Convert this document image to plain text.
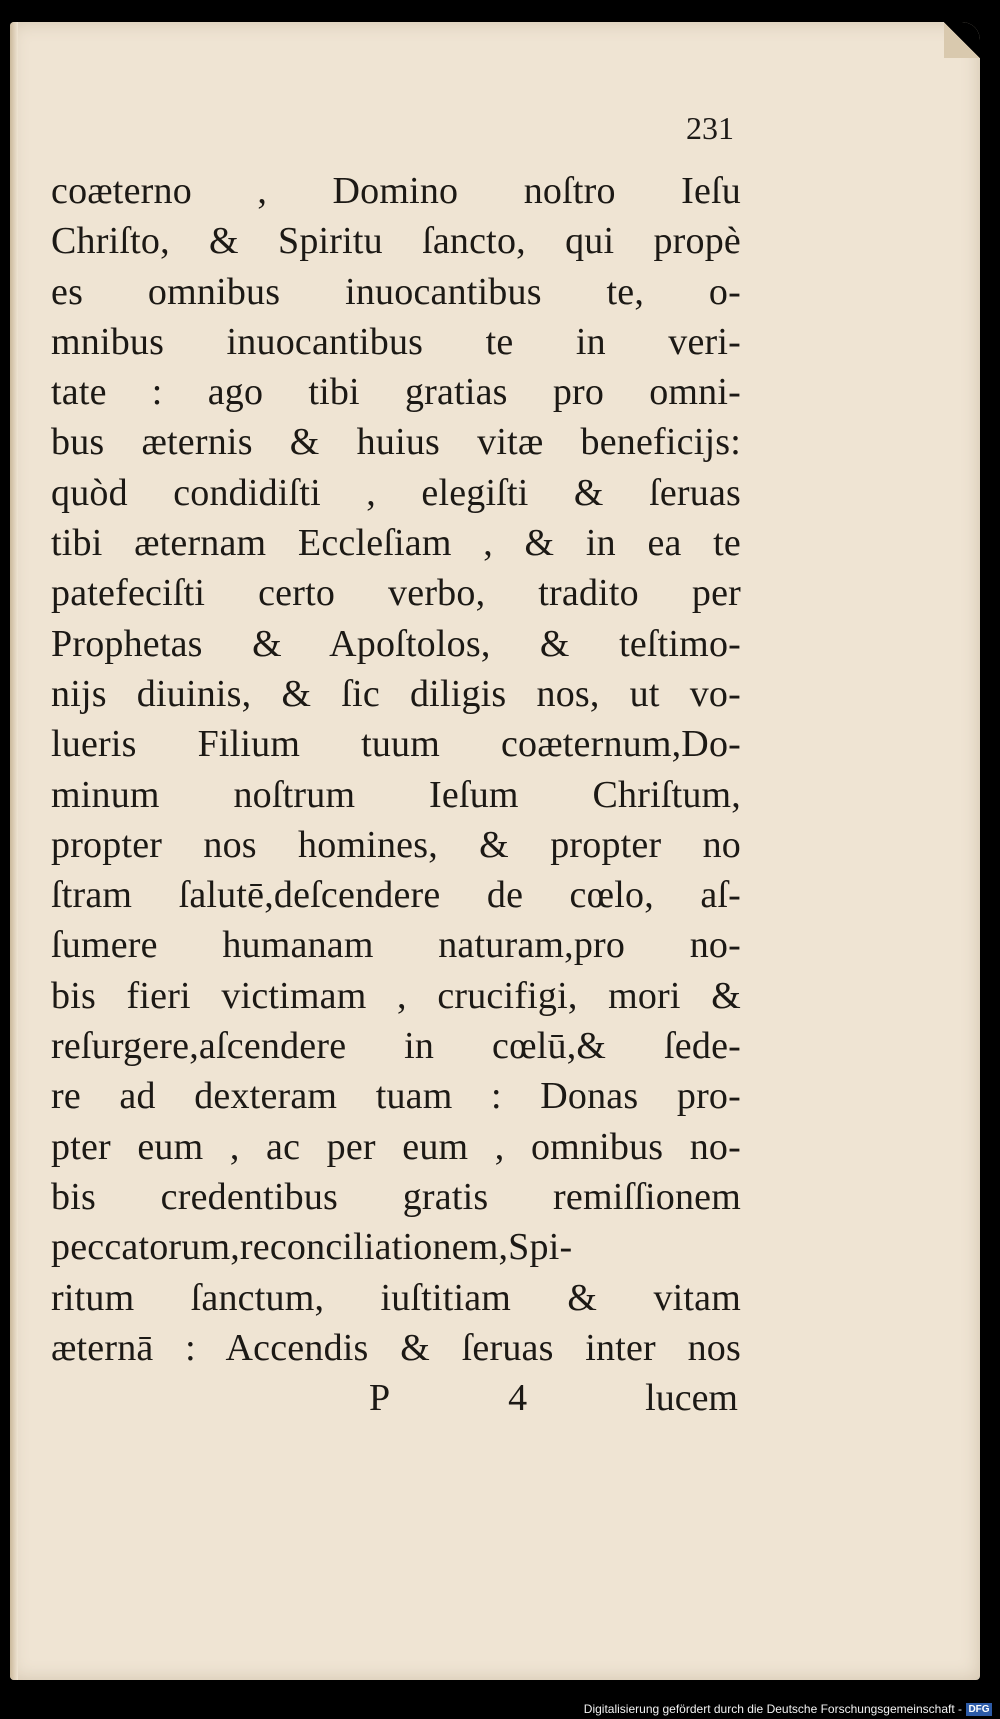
231
coæterno , Domino noſtro Ieſu
Chriſto, & Spiritu ſancto, qui propè
es omnibus inuocantibus te, o-
mnibus inuocantibus te in veri-
tate : ago tibi gratias pro omni-
bus æternis & huius vitæ beneficijs:
quòd condidiſti , elegiſti & ſeruas
tibi æternam Eccleſiam , & in ea te
patefeciſti certo verbo, tradito per
Prophetas & Apoſtolos, & teſtimo-
nijs diuinis, & ſic diligis nos, ut vo-
lueris Filium tuum coæternum,Do-
minum noſtrum Ieſum Chriſtum,
propter nos homines, & propter no
ſtram ſalutē,deſcendere de cœlo, aſ-
ſumere humanam naturam,pro no-
bis fieri victimam , crucifigi, mori &
reſurgere,aſcendere in cœlū,& ſede-
re ad dexteram tuam : Donas pro-
pter eum , ac per eum , omnibus no-
bis credentibus gratis remiſſionem
peccatorum,reconciliationem,Spi-
ritum ſanctum, iuſtitiam & vitam
æternā : Accendis & ſeruas inter nos
P	4	lucem
Digitalisierung gefördert durch die Deutsche Forschungsgemeinschaft - DFG
